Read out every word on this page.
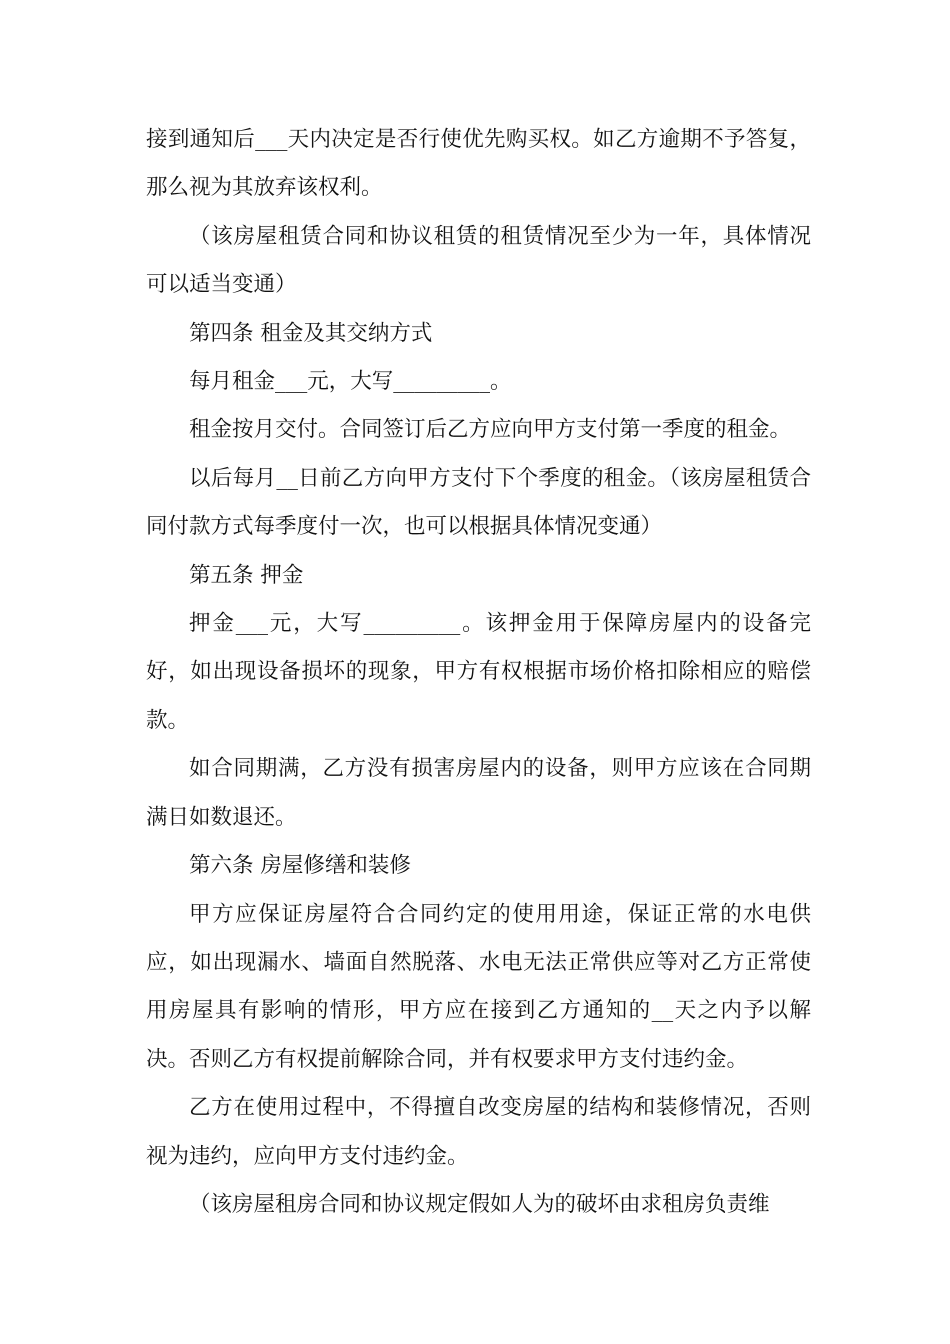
接到通知后___天内决定是否行使优先购买权。如乙方逾期不予答复，那么视为其放弃该权利。

（该房屋租赁合同和协议租赁的租赁情况至少为一年，具体情况可以适当变通）

第四条 租金及其交纳方式

每月租金___元，大写_________。

租金按月交付。合同签订后乙方应向甲方支付第一季度的租金。

以后每月__日前乙方向甲方支付下个季度的租金。（该房屋租赁合同付款方式每季度付一次，也可以根据具体情况变通）

第五条 押金

押金___元，大写_________。该押金用于保障房屋内的设备完好，如出现设备损坏的现象，甲方有权根据市场价格扣除相应的赔偿款。

如合同期满，乙方没有损害房屋内的设备，则甲方应该在合同期满日如数退还。

第六条 房屋修缮和装修

甲方应保证房屋符合合同约定的使用用途，保证正常的水电供应，如出现漏水、墙面自然脱落、水电无法正常供应等对乙方正常使用房屋具有影响的情形，甲方应在接到乙方通知的__天之内予以解决。否则乙方有权提前解除合同，并有权要求甲方支付违约金。

乙方在使用过程中，不得擅自改变房屋的结构和装修情况，否则视为违约，应向甲方支付违约金。

（该房屋租房合同和协议规定假如人为的破坏由求租房负责维
